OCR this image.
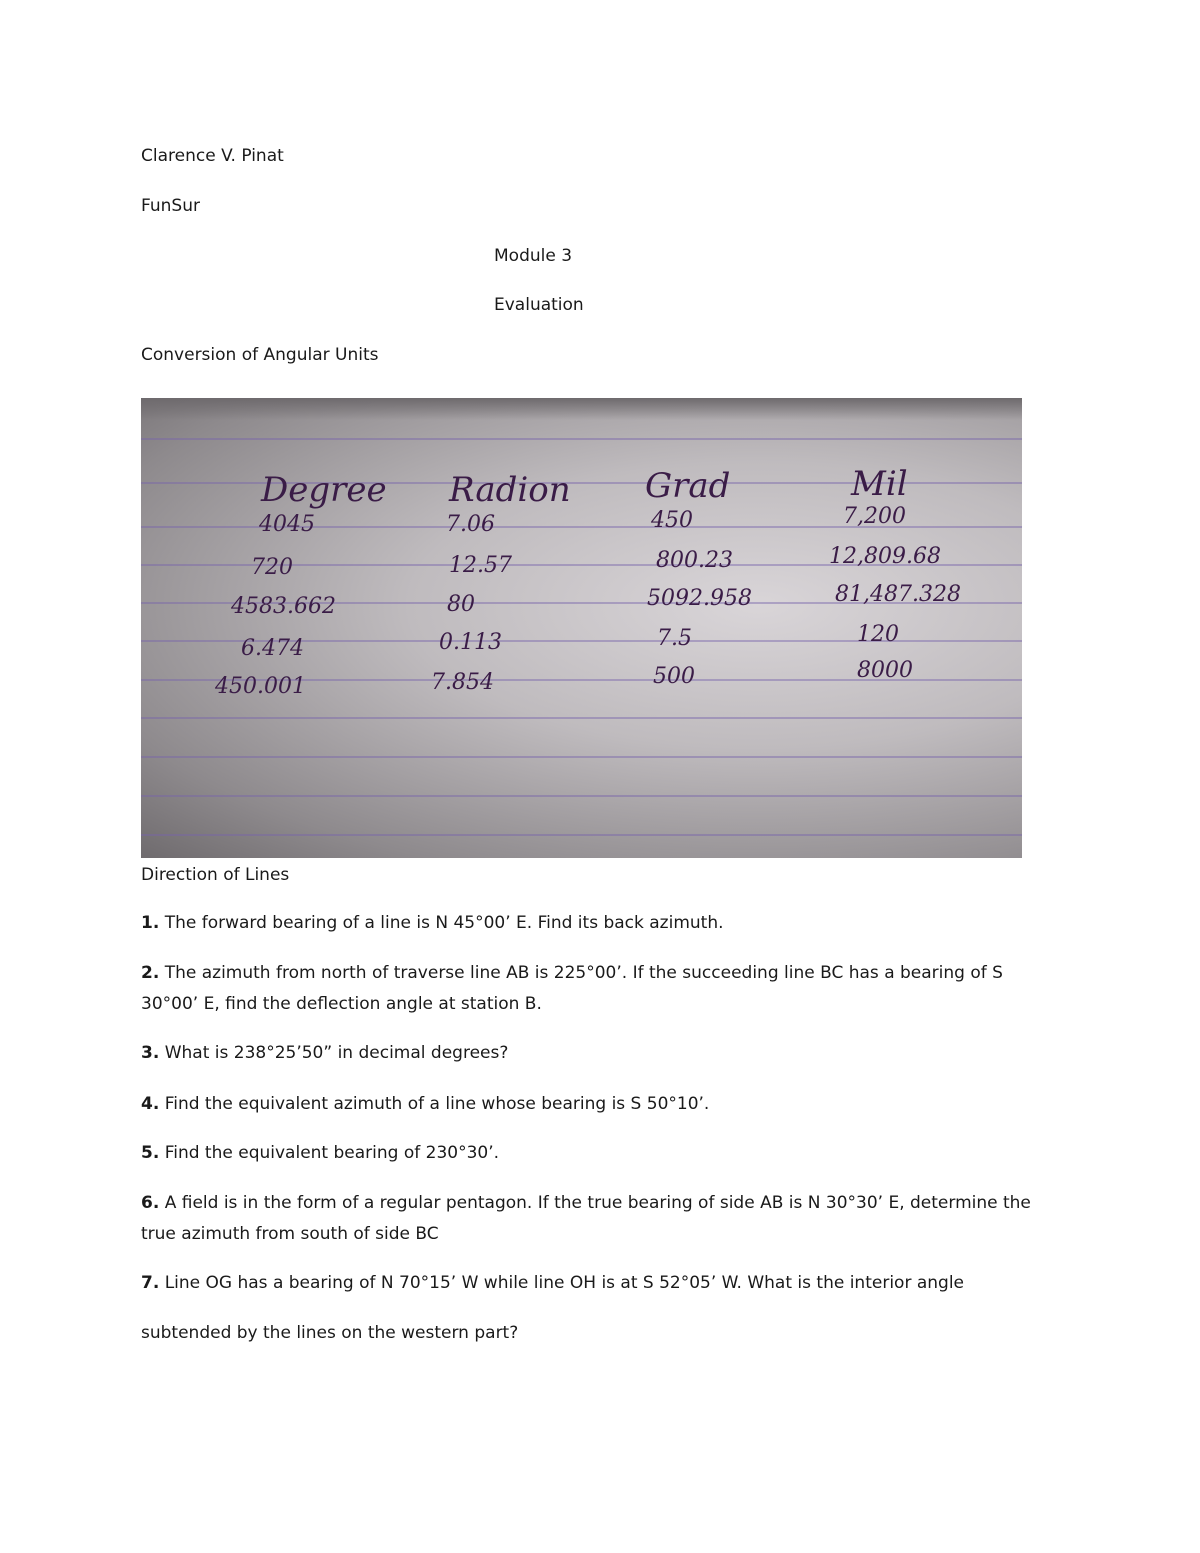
Clarence V. Pinat
FunSur
Module 3
Evaluation
Conversion of Angular Units
Degree Radion Grad	Mil
4045	7.06	450	7,200
720	12.57	800.23	12,809.68
4583.662	80	5092.958	81,487.328
6.474	0.113	7.5	120
450.001	7.854	500	8000
Direction of Lines
1. The forward bearing of a line is N 45°00’ E. Find its back azimuth.
2. The azimuth from north of traverse line AB is 225°00’. If the succeeding line BC has a bearing of S 30°00’ E, find the deflection angle at station B.
3. What is 238°25’50” in decimal degrees?
4. Find the equivalent azimuth of a line whose bearing is S 50°10’.
5. Find the equivalent bearing of 230°30’.
6. A field is in the form of a regular pentagon. If the true bearing of side AB is N 30°30’ E, determine the true azimuth from south of side BC
7. Line OG has a bearing of N 70°15’ W while line OH is at S 52°05’ W. What is the interior angle
subtended by the lines on the western part?
